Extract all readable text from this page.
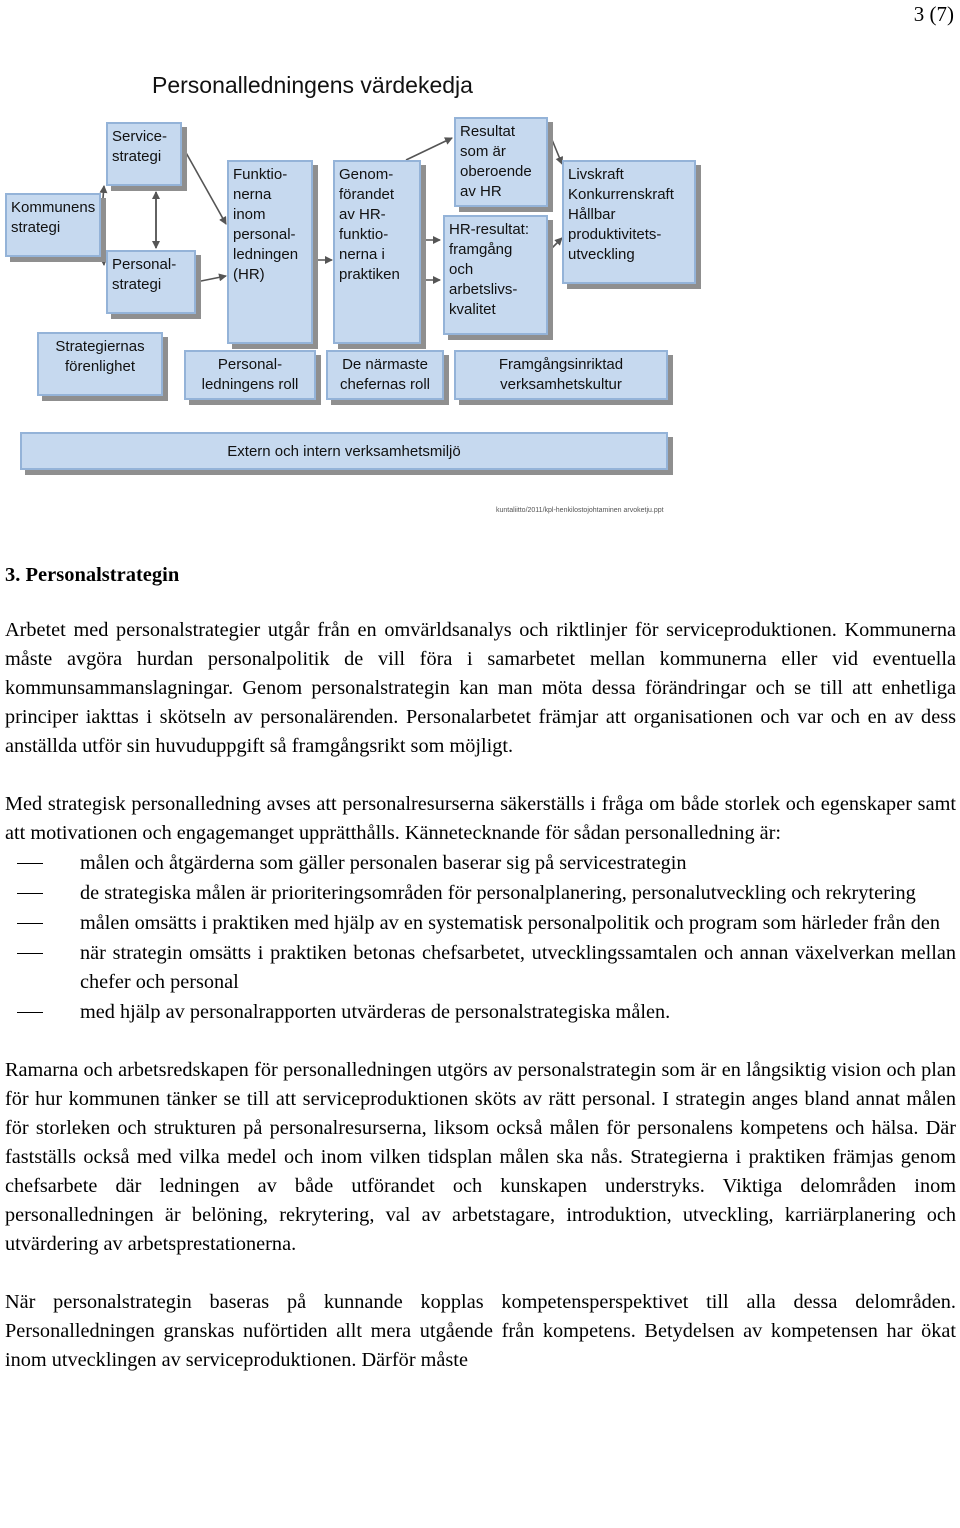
3 (7)
Personalledningens värdekedja
Kommunens
strategi
Service-
strategi
Personal-
strategi
Funktio-
nerna
inom
personal-
ledningen
(HR)
Genom-
förandet
av HR-
funktio-
nerna i
praktiken
Resultat
som är
oberoende
av HR
HR-resultat:
framgång
och
arbetslivs-
kvalitet
Livskraft
Konkurrenskraft
Hållbar
produktivitets-
utveckling
Strategiernas
förenlighet	Personal-
ledningens roll
De närmaste
chefernas roll
Framgångsinriktad
verksamhetskultur
Extern och intern verksamhetsmiljö
kuntaliitto/2011/kpl-henkilostojohtaminen arvoketju.ppt
3. Personalstrategin

Arbetet med personalstrategier utgår från en omvärldsanalys och riktlinjer för serviceproduktionen. Kommunerna måste avgöra hurdan personalpolitik de vill föra i samarbetet mellan kommunerna eller vid eventuella kommunsammanslagningar. Genom personalstrategin kan man möta dessa förändringar och se till att enhetliga principer iakttas i skötseln av personalärenden. Personalarbetet främjar att organisationen och var och en av dess anställda utför sin huvuduppgift så framgångsrikt som möjligt.

Med strategisk personalledning avses att personalresurserna säkerställs i fråga om både storlek och egenskaper samt att motivationen och engagemanget upprätthålls. Kännetecknande för sådan personalledning är:

målen och åtgärderna som gäller personalen baserar sig på servicestrategin
de strategiska målen är prioriteringsområden för personalplanering, personalutveckling och rekrytering
målen omsätts i praktiken med hjälp av en systematisk personalpolitik och program som härleder från den
när strategin omsätts i praktiken betonas chefsarbetet, utvecklingssamtalen och annan växelverkan mellan chefer och personal
med hjälp av personalrapporten utvärderas de personalstrategiska målen.

Ramarna och arbetsredskapen för personalledningen utgörs av personalstrategin som är en långsiktig vision och plan för hur kommunen tänker se till att serviceproduktionen sköts av rätt personal. I strategin anges bland annat målen för storleken och strukturen på personalresurserna, liksom också målen för personalens kompetens och hälsa. Där fastställs också med vilka medel och inom vilken tidsplan målen ska nås. Strategierna i praktiken främjas genom chefsarbete där ledningen av både utförandet och kunskapen understryks. Viktiga delområden inom personalledningen är belöning, rekrytering, val av arbetstagare, introduktion, utveckling, karriärplanering och utvärdering av arbetsprestationerna.

När personalstrategin baseras på kunnande kopplas kompetensperspektivet till alla dessa delområden. Personalledningen granskas nuförtiden allt mera utgående från kompetens. Betydelsen av kompetensen har ökat inom utvecklingen av serviceproduktionen. Därför måste
